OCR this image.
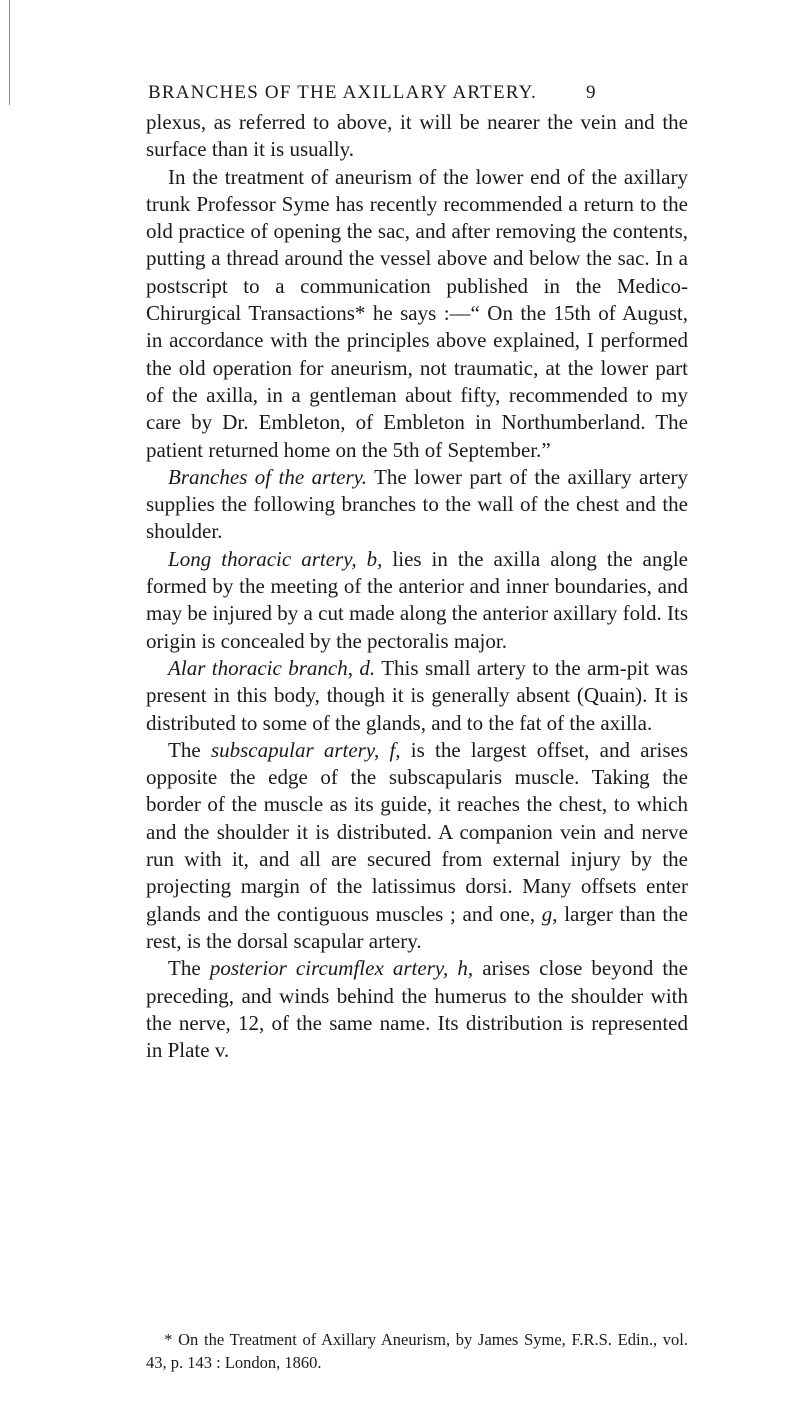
BRANCHES OF THE AXILLARY ARTERY.	9

plexus, as referred to above, it will be nearer the vein and the surface than it is usually.

In the treatment of aneurism of the lower end of the axillary trunk Professor Syme has recently recommended a return to the old practice of opening the sac, and after removing the contents, putting a thread around the vessel above and below the sac. In a postscript to a communication published in the Medico-Chirurgical Transactions* he says :—“ On the 15th of August, in accordance with the principles above explained, I performed the old operation for aneurism, not traumatic, at the lower part of the axilla, in a gentleman about fifty, recommended to my care by Dr. Embleton, of Embleton in Northumberland. The patient returned home on the 5th of September.”

Branches of the artery. The lower part of the axillary artery supplies the following branches to the wall of the chest and the shoulder.

Long thoracic artery, b, lies in the axilla along the angle formed by the meeting of the anterior and inner boundaries, and may be injured by a cut made along the anterior axillary fold. Its origin is concealed by the pectoralis major.

Alar thoracic branch, d. This small artery to the arm-pit was present in this body, though it is generally absent (Quain). It is distributed to some of the glands, and to the fat of the axilla.

The subscapular artery, f, is the largest offset, and arises opposite the edge of the subscapularis muscle. Taking the border of the muscle as its guide, it reaches the chest, to which and the shoulder it is distributed. A companion vein and nerve run with it, and all are secured from external injury by the projecting margin of the latissimus dorsi. Many offsets enter glands and the contiguous muscles ; and one, g, larger than the rest, is the dorsal scapular artery.

The posterior circumflex artery, h, arises close beyond the preceding, and winds behind the humerus to the shoulder with the nerve, 12, of the same name. Its distribution is represented in Plate v.

* On the Treatment of Axillary Aneurism, by James Syme, F.R.S. Edin., vol. 43, p. 143 : London, 1860.
